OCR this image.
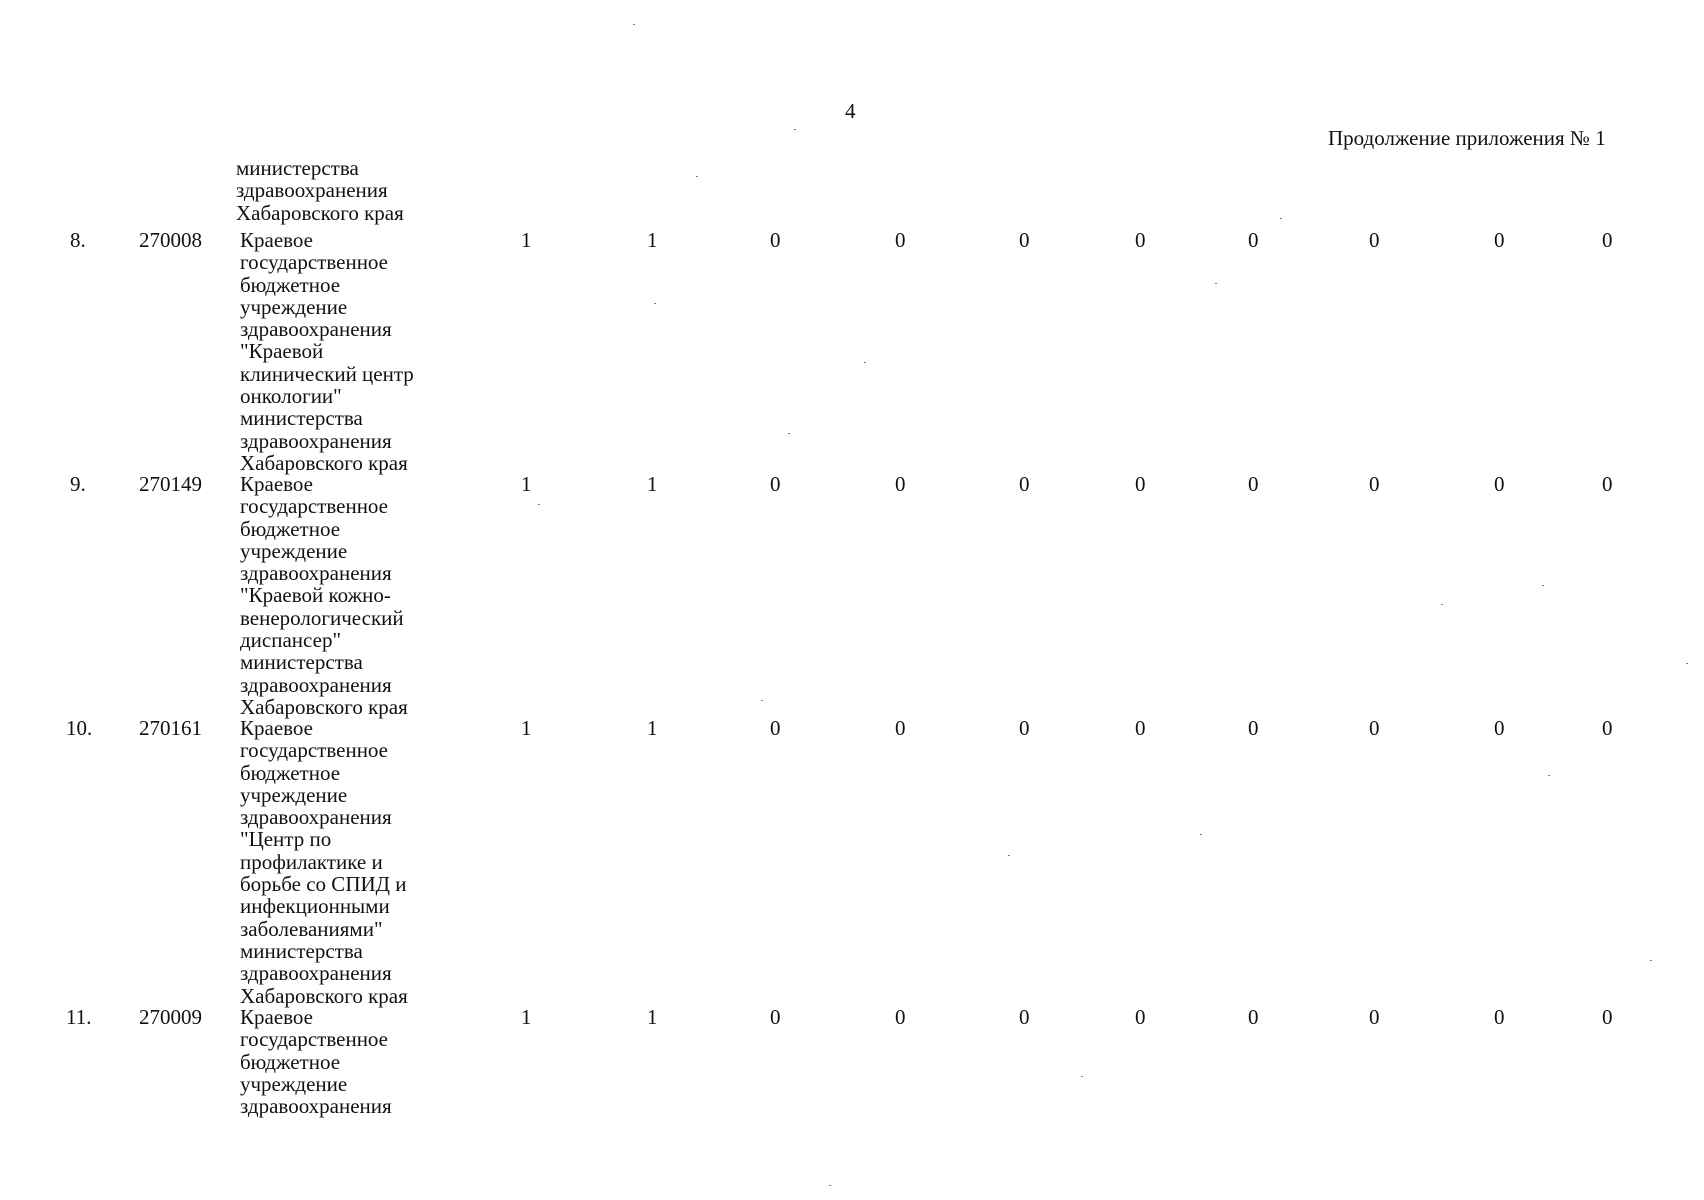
4
Продолжение приложения № 1
министерства
здравоохранения
Хабаровского края
8.	270008 Краевое
государственное
бюджетное
учреждение
здравоохранения
"Краевой
клинический центр
онкологии"
министерства
здравоохранения
Хабаровского края
1	1	0	0	0	0	0	0	0	0
9.	270149 Краевое
государственное
бюджетное
учреждение
здравоохранения
"Краевой кожно-
венерологический
диспансер"
министерства
здравоохранения
Хабаровского края
1	1	0	0	0	0	0	0	0	0
10. 270161 Краевое
государственное
бюджетное
учреждение
здравоохранения
"Центр по
профилактике и
борьбе со СПИД и
инфекционными
заболеваниями"
министерства
здравоохранения
Хабаровского края
1	1	0	0	0	0	0	0	0	0
11. 270009 Краевое
государственное
бюджетное
учреждение
здравоохранения
1	1	0	0	0	0	0	0	0	0
